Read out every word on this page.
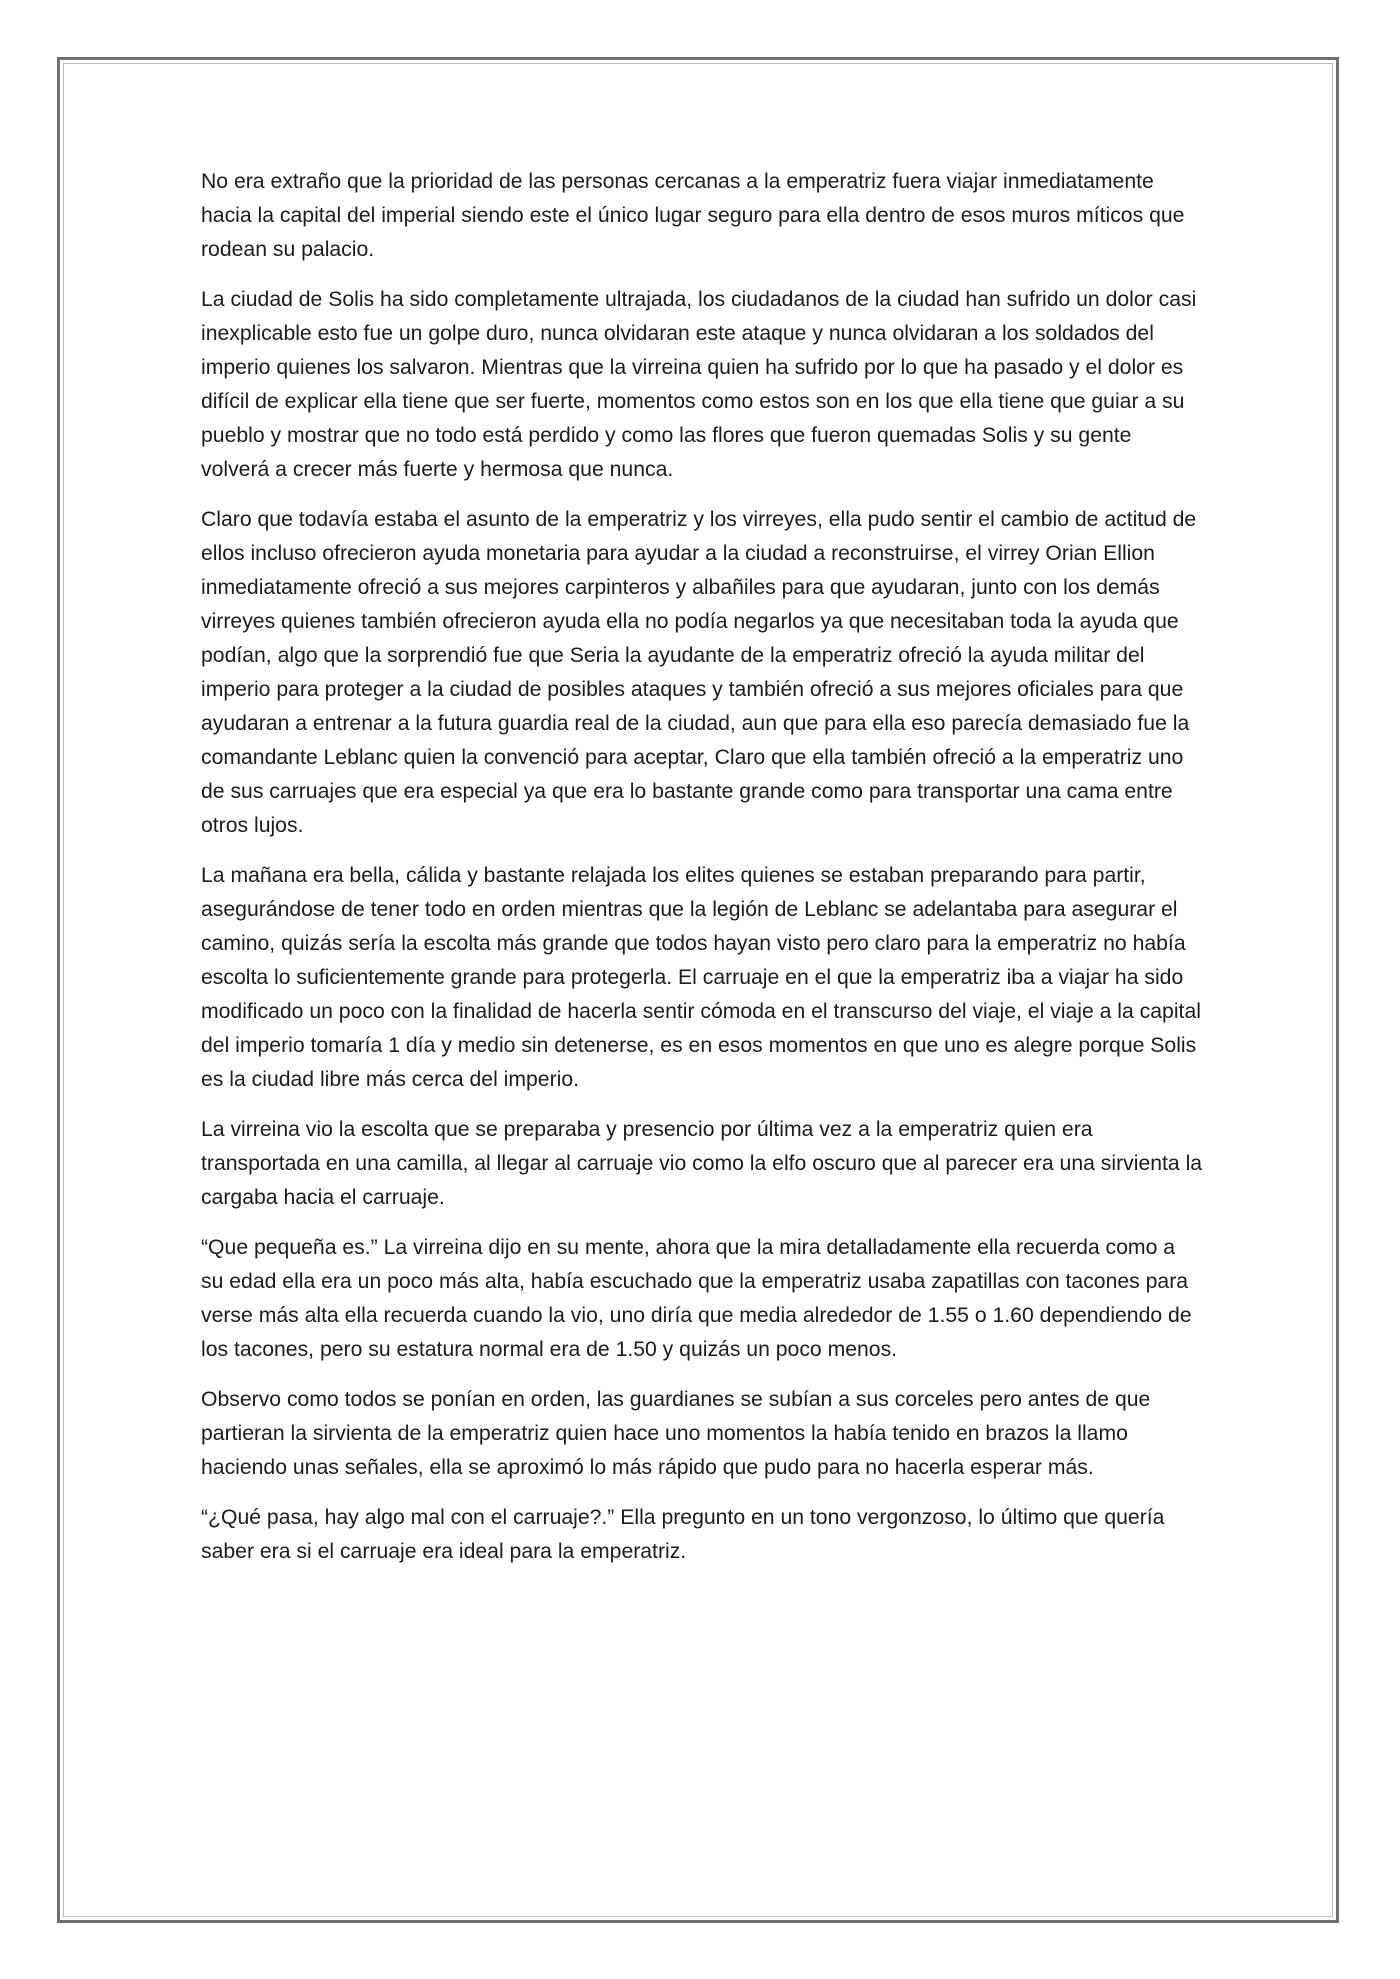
No era extraño que la prioridad de las personas cercanas a la emperatriz fuera viajar inmediatamente hacia la capital del imperial siendo este el único lugar seguro para ella dentro de esos muros míticos que rodean su palacio.

La ciudad de Solis ha sido completamente ultrajada, los ciudadanos de la ciudad han sufrido un dolor casi inexplicable esto fue un golpe duro, nunca olvidaran este ataque y nunca olvidaran a los soldados del imperio quienes los salvaron. Mientras que la virreina quien ha sufrido por lo que ha pasado y el dolor es difícil de explicar ella tiene que ser fuerte, momentos como estos son en los que ella tiene que guiar a su pueblo y mostrar que no todo está perdido y como las flores que fueron quemadas Solis y su gente volverá a crecer más fuerte y hermosa que nunca.

Claro que todavía estaba el asunto de la emperatriz y los virreyes, ella pudo sentir el cambio de actitud de ellos incluso ofrecieron ayuda monetaria para ayudar a la ciudad a reconstruirse, el virrey Orian Ellion inmediatamente ofreció a sus mejores carpinteros y albañiles para que ayudaran, junto con los demás virreyes quienes también ofrecieron ayuda ella no podía negarlos ya que necesitaban toda la ayuda que podían, algo que la sorprendió fue que Seria la ayudante de la emperatriz ofreció la ayuda militar del imperio para proteger a la ciudad de posibles ataques y también ofreció a sus mejores oficiales para que ayudaran a entrenar a la futura guardia real de la ciudad, aun que para ella eso parecía demasiado fue la comandante Leblanc quien la convenció para aceptar, Claro que ella también ofreció a la emperatriz uno de sus carruajes que era especial ya que era lo bastante grande como para transportar una cama entre otros lujos.

La mañana era bella, cálida y bastante relajada los elites quienes se estaban preparando para partir, asegurándose de tener todo en orden mientras que la legión de Leblanc se adelantaba para asegurar el camino, quizás sería la escolta más grande que todos hayan visto pero claro para la emperatriz no había escolta lo suficientemente grande para protegerla. El carruaje en el que la emperatriz iba a viajar ha sido modificado un poco con la finalidad de hacerla sentir cómoda en el transcurso del viaje, el viaje a la capital del imperio tomaría 1 día y medio sin detenerse, es en esos momentos en que uno es alegre porque Solis es la ciudad libre más cerca del imperio.

La virreina vio la escolta que se preparaba y presencio por última vez a la emperatriz quien era transportada en una camilla, al llegar al carruaje vio como la elfo oscuro que al parecer era una sirvienta la cargaba hacia el carruaje.

“Que pequeña es.” La virreina dijo en su mente, ahora que la mira detalladamente ella recuerda como a su edad ella era un poco más alta, había escuchado que la emperatriz usaba zapatillas con tacones para verse más alta ella recuerda cuando la vio, uno diría que media alrededor de 1.55 o 1.60 dependiendo de los tacones, pero su estatura normal era de 1.50 y quizás un poco menos.

Observo como todos se ponían en orden, las guardianes se subían a sus corceles pero antes de que partieran la sirvienta de la emperatriz quien hace uno momentos la había tenido en brazos la llamo haciendo unas señales, ella se aproximó lo más rápido que pudo para no hacerla esperar más.

“¿Qué pasa, hay algo mal con el carruaje?.” Ella pregunto en un tono vergonzoso, lo último que quería saber era si el carruaje era ideal para la emperatriz.
